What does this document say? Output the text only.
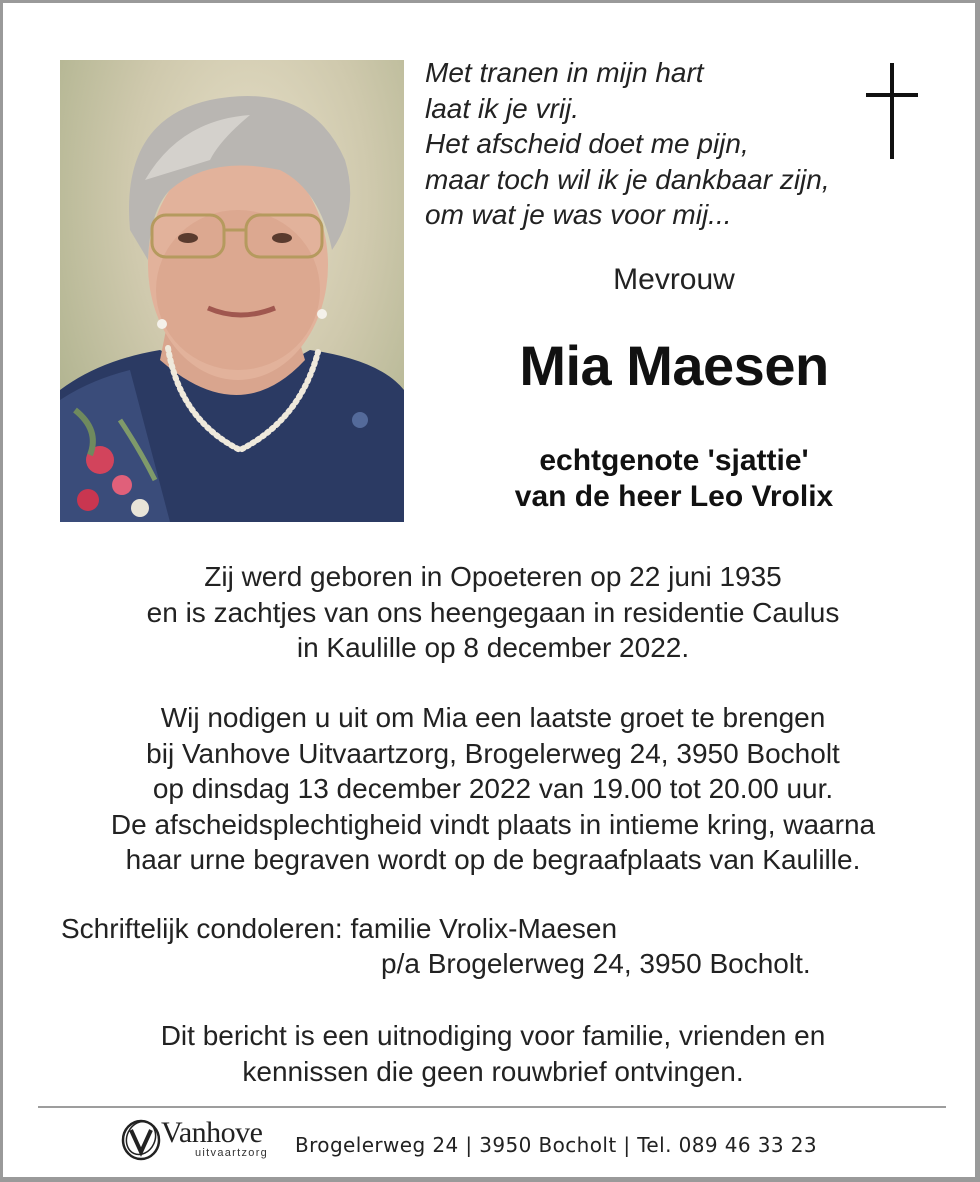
Met tranen in mijn hart
laat ik je vrij.
Het afscheid doet me pijn,
maar toch wil ik je dankbaar zijn,
om wat je was voor mij...
Mevrouw
Mia Maesen
echtgenote 'sjattie'
van de heer Leo Vrolix
Zij werd geboren in Opoeteren op 22 juni 1935
en is zachtjes van ons heengegaan in residentie Caulus
in Kaulille op 8 december 2022.
Wij nodigen u uit om Mia een laatste groet te brengen
bij Vanhove Uitvaartzorg, Brogelerweg 24, 3950 Bocholt
op dinsdag 13 december 2022 van 19.00 tot 20.00 uur.
De afscheidsplechtigheid vindt plaats in intieme kring, waarna
haar urne begraven wordt op de begraafplaats van Kaulille.
Schriftelijk condoleren: familie Vrolix-Maesen
p/a Brogelerweg 24, 3950 Bocholt.
Dit bericht is een uitnodiging voor familie, vrienden en
kennissen die geen rouwbrief ontvingen.
Vanhove
uitvaartzorg Brogelerweg 24 | 3950 Bocholt | Tel. 089 46 33 23
